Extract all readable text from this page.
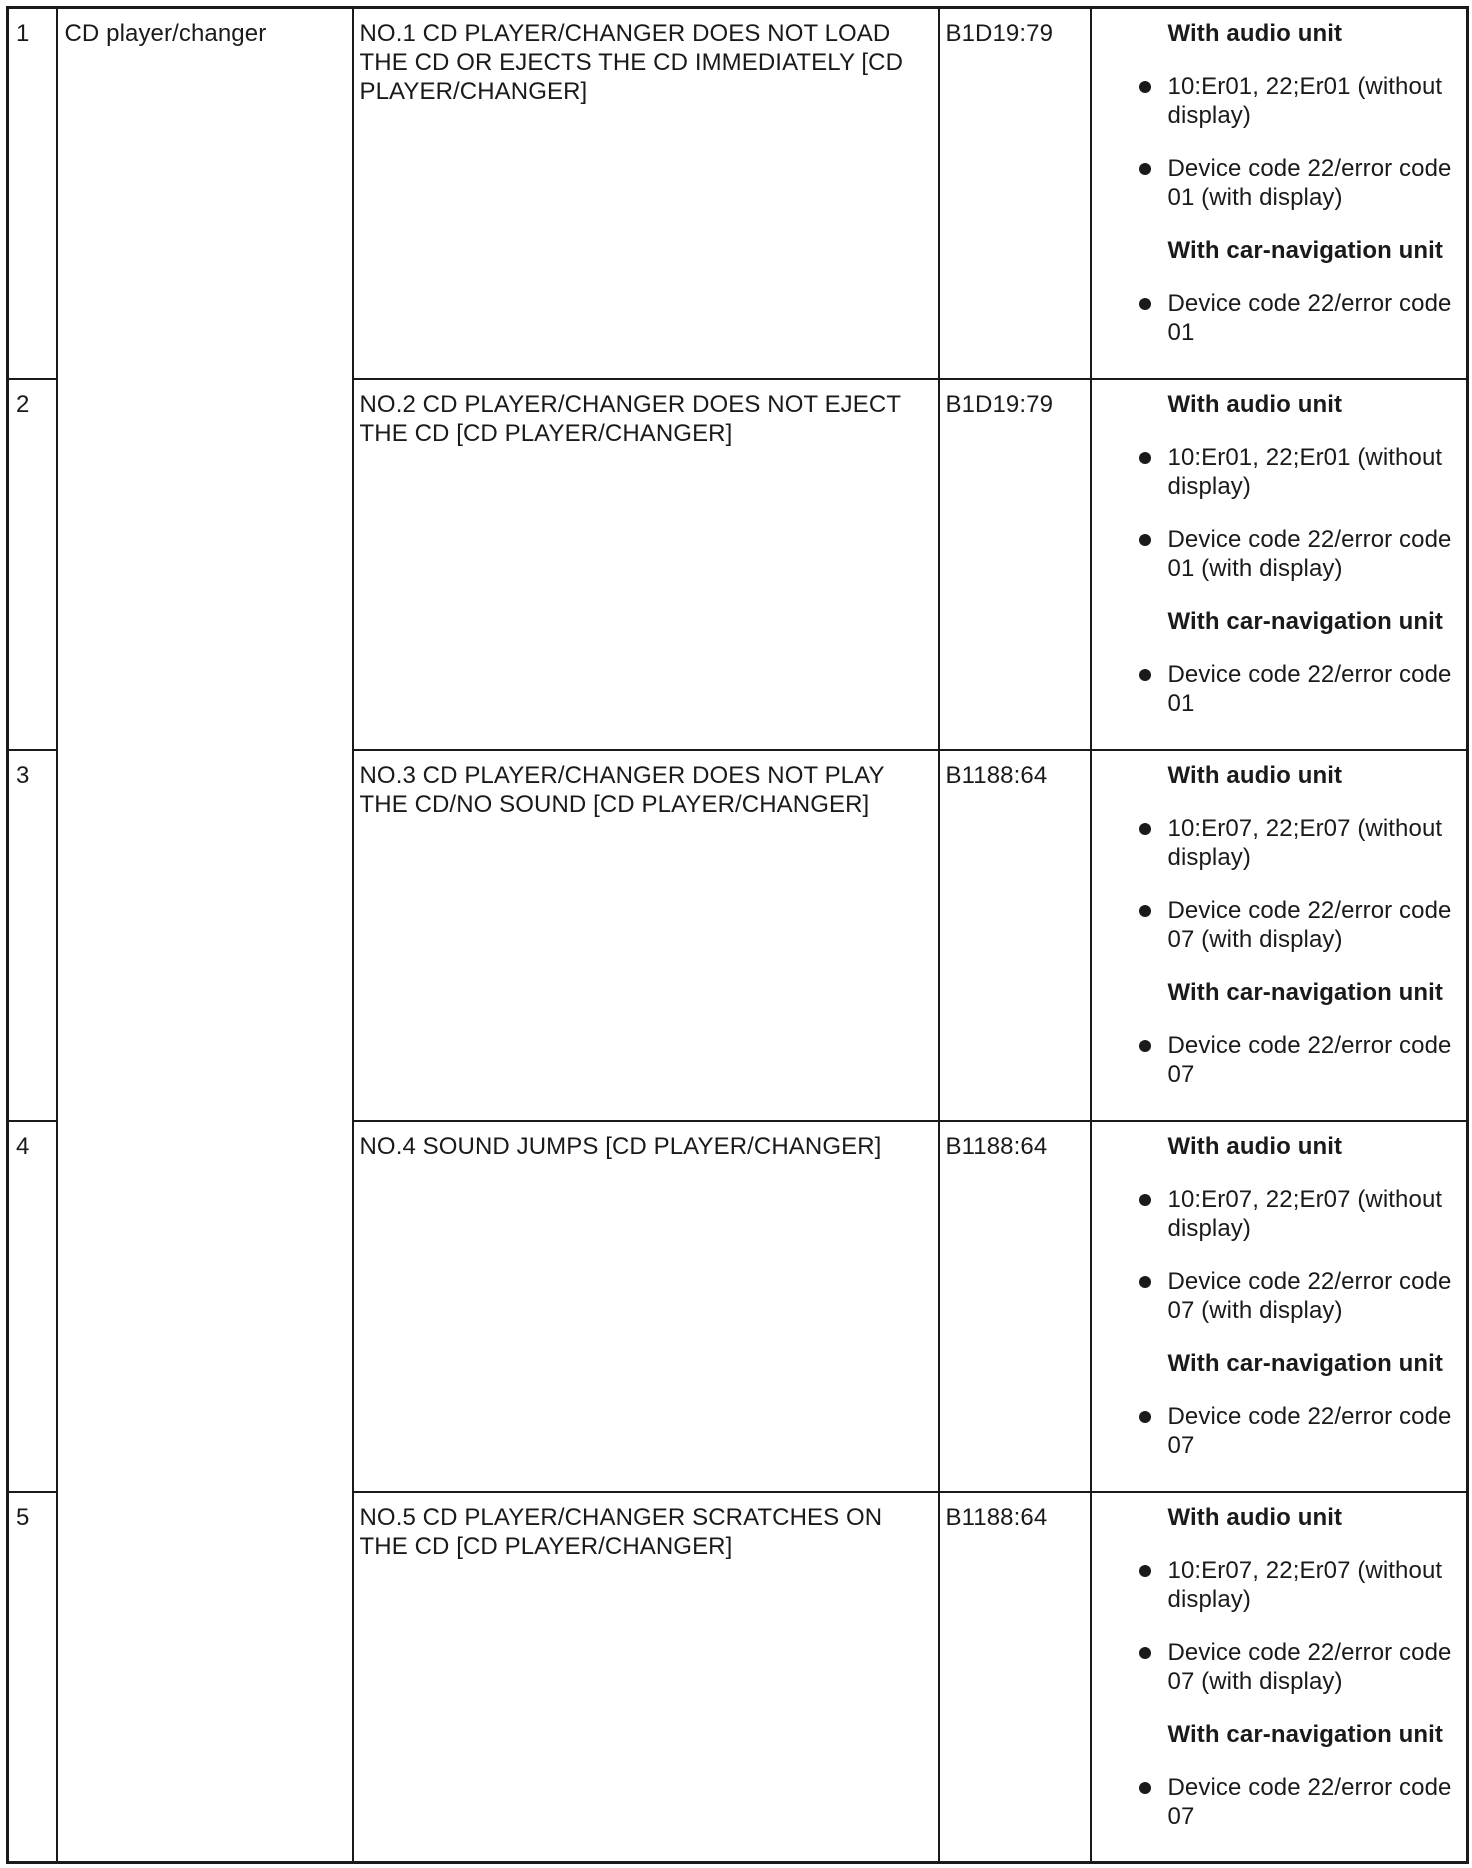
1	CD player/changer	NO.1 CD PLAYER/CHANGER DOES NOT LOAD THE CD OR EJECTS THE CD IMMEDIATELY [CD PLAYER/CHANGER]	B1D19:79	With audio unit
10:Er01, 22;Er01 (without display)
Device code 22/error code 01 (with display)
With car-navigation unit
Device code 22/error code 01

2		NO.2 CD PLAYER/CHANGER DOES NOT EJECT THE CD [CD PLAYER/CHANGER]	B1D19:79	With audio unit
10:Er01, 22;Er01 (without display)
Device code 22/error code 01 (with display)
With car-navigation unit
Device code 22/error code 01

3		NO.3 CD PLAYER/CHANGER DOES NOT PLAY THE CD/NO SOUND [CD PLAYER/CHANGER]	B1188:64	With audio unit
10:Er07, 22;Er07 (without display)
Device code 22/error code 07 (with display)
With car-navigation unit
Device code 22/error code 07

4		NO.4 SOUND JUMPS [CD PLAYER/CHANGER]	B1188:64	With audio unit
10:Er07, 22;Er07 (without display)
Device code 22/error code 07 (with display)
With car-navigation unit
Device code 22/error code 07

5		NO.5 CD PLAYER/CHANGER SCRATCHES ON THE CD [CD PLAYER/CHANGER]	B1188:64	With audio unit
10:Er07, 22;Er07 (without display)
Device code 22/error code 07 (with display)
With car-navigation unit
Device code 22/error code 07
